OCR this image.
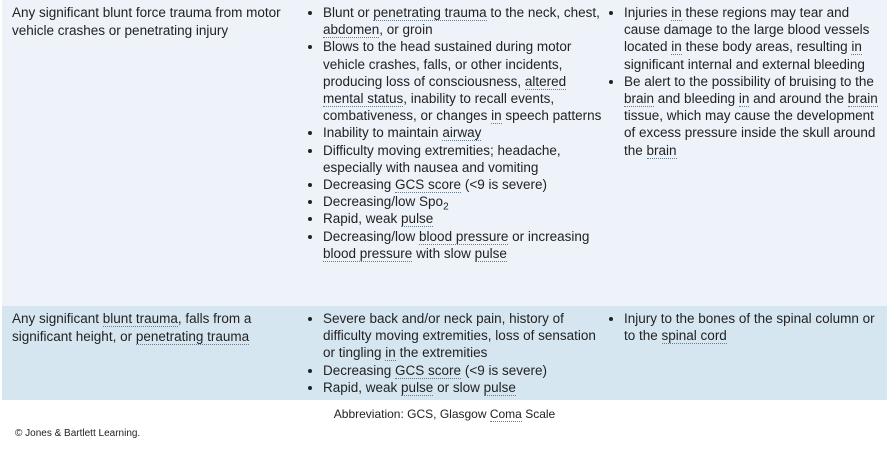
Any significant blunt force trauma from motor vehicle crashes or penetrating injury
• Blunt or penetrating trauma to the neck, chest, abdomen, or groin
• Blows to the head sustained during motor vehicle crashes, falls, or other incidents, producing loss of consciousness, altered mental status, inability to recall events, combativeness, or changes in speech patterns
• Inability to maintain airway
• Difficulty moving extremities; headache, especially with nausea and vomiting
• Decreasing GCS score (<9 is severe)
• Decreasing/low Spo$_2$
• Rapid, weak pulse
• Decreasing/low blood pressure or increasing blood pressure with slow pulse
• Injuries in these regions may tear and cause damage to the large blood vessels located in these body areas, resulting in significant internal and external bleeding
• Be alert to the possibility of bruising to the brain and bleeding in and around the brain tissue, which may cause the development of excess pressure inside the skull around the brain
Any significant blunt trauma, falls from a significant height, or penetrating trauma
• Severe back and/or neck pain, history of difficulty moving extremities, loss of sensation or tingling in the extremities
• Decreasing GCS score (<9 is severe)
• Rapid, weak pulse or slow pulse
• Injury to the bones of the spinal column or to the spinal cord
Abbreviation: GCS, Glasgow Coma Scale
© Jones & Bartlett Learning.
